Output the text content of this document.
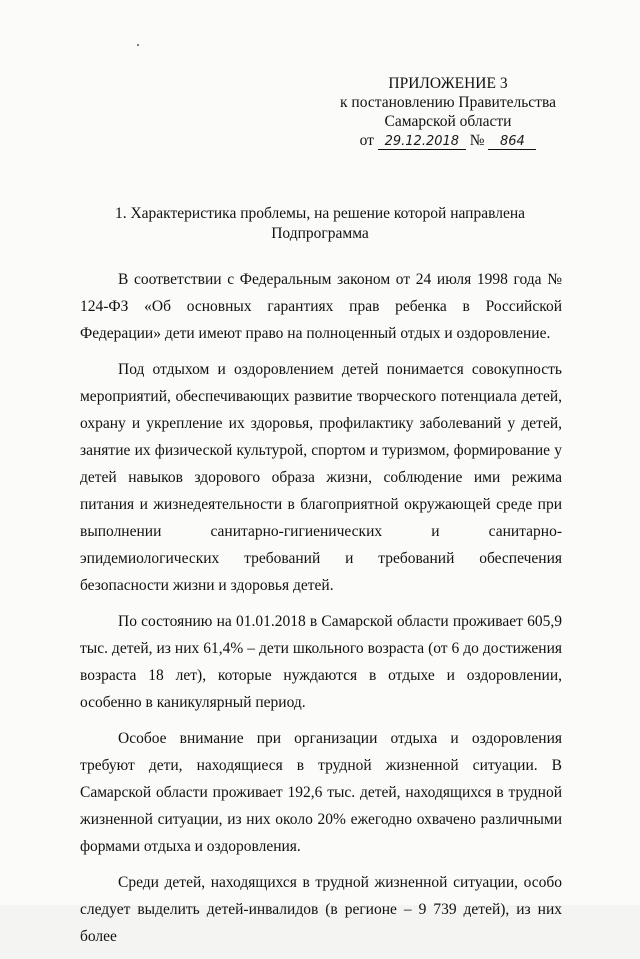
ПРИЛОЖЕНИЕ 3
к постановлению Правительства
Самарской области
от 29.12.2018 № 864
1. Характеристика проблемы, на решение которой направлена
Подпрограмма

В соответствии с Федеральным законом от 24 июля 1998 года № 124-ФЗ «Об основных гарантиях прав ребенка в Российской Федерации» дети имеют право на полноценный отдых и оздоровление.

Под отдыхом и оздоровлением детей понимается совокупность мероприятий, обеспечивающих развитие творческого потенциала детей, охрану и укрепление их здоровья, профилактику заболеваний у детей, занятие их физической культурой, спортом и туризмом, формирование у детей навыков здорового образа жизни, соблюдение ими режима питания и жизнедеятельности в благоприятной окружающей среде при выполнении санитарно-гигиенических и санитарно-эпидемиологических требований и требований обеспечения безопасности жизни и здоровья детей.

По состоянию на 01.01.2018 в Самарской области проживает 605,9 тыс. детей, из них 61,4% – дети школьного возраста (от 6 до достижения возраста 18 лет), которые нуждаются в отдыхе и оздоровлении, особенно в каникулярный период.

Особое внимание при организации отдыха и оздоровления требуют дети, находящиеся в трудной жизненной ситуации. В Самарской области проживает 192,6 тыс. детей, находящихся в трудной жизненной ситуации, из них около 20% ежегодно охвачено различными формами отдыха и оздоровления.

Среди детей, находящихся в трудной жизненной ситуации, особо следует выделить детей-инвалидов (в регионе – 9 739 детей), из них более
